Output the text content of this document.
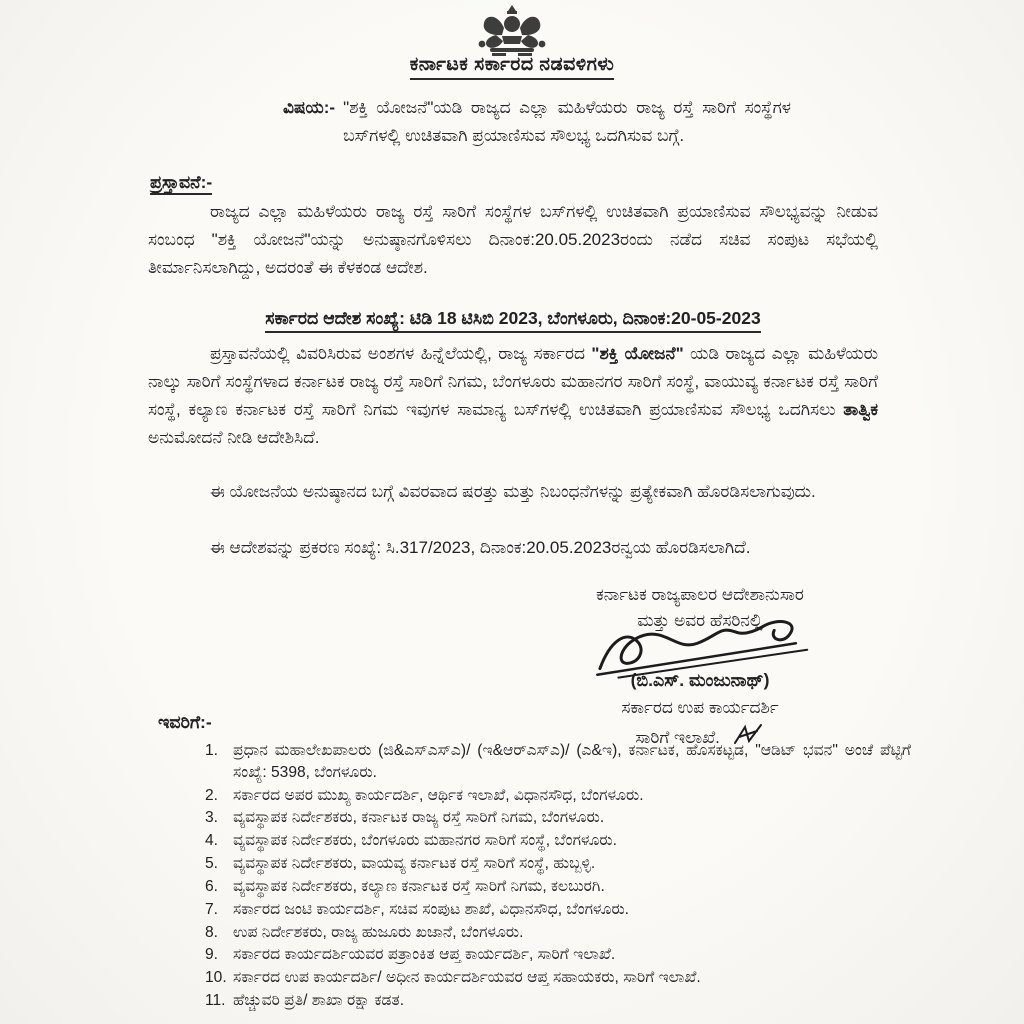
ಕರ್ನಾಟಕ ಸರ್ಕಾರದ ನಡವಳಿಗಳು
ವಿಷಯ:- "ಶಕ್ತಿ ಯೋಜನೆ"ಯಡಿ ರಾಜ್ಯದ ಎಲ್ಲಾ ಮಹಿಳೆಯರು ರಾಜ್ಯ ರಸ್ತೆ ಸಾರಿಗೆ ಸಂಸ್ಥೆಗಳ ಬಸ್‌ಗಳಲ್ಲಿ ಉಚಿತವಾಗಿ ಪ್ರಯಾಣಿಸುವ ಸೌಲಭ್ಯ ಒದಗಿಸುವ ಬಗ್ಗೆ.
ಪ್ರಸ್ತಾವನೆ:-

ರಾಜ್ಯದ ಎಲ್ಲಾ ಮಹಿಳೆಯರು ರಾಜ್ಯ ರಸ್ತೆ ಸಾರಿಗೆ ಸಂಸ್ಥೆಗಳ ಬಸ್‌ಗಳಲ್ಲಿ ಉಚಿತವಾಗಿ ಪ್ರಯಾಣಿಸುವ ಸೌಲಭ್ಯವನ್ನು ನೀಡುವ ಸಂಬಂಧ "ಶಕ್ತಿ ಯೋಜನೆ"ಯನ್ನು ಅನುಷ್ಠಾನಗೊಳಿಸಲು ದಿನಾಂಕ:20.05.2023ರಂದು ನಡೆದ ಸಚಿವ ಸಂಪುಟ ಸಭೆಯಲ್ಲಿ ತೀರ್ಮಾನಿಸಲಾಗಿದ್ದು, ಅದರಂತೆ ಈ ಕೆಳಕಂಡ ಆದೇಶ.

ಸರ್ಕಾರದ ಆದೇಶ ಸಂಖ್ಯೆ: ಟಿಡಿ 18 ಟಿಸಿಬಿ 2023, ಬೆಂಗಳೂರು, ದಿನಾಂಕ:20-05-2023

ಪ್ರಸ್ತಾವನೆಯಲ್ಲಿ ವಿವರಿಸಿರುವ ಅಂಶಗಳ ಹಿನ್ನೆಲೆಯಲ್ಲಿ, ರಾಜ್ಯ ಸರ್ಕಾರದ "ಶಕ್ತಿ ಯೋಜನೆ" ಯಡಿ ರಾಜ್ಯದ ಎಲ್ಲಾ ಮಹಿಳೆಯರು ನಾಲ್ಕು ಸಾರಿಗೆ ಸಂಸ್ಥೆಗಳಾದ ಕರ್ನಾಟಕ ರಾಜ್ಯ ರಸ್ತೆ ಸಾರಿಗೆ ನಿಗಮ, ಬೆಂಗಳೂರು ಮಹಾನಗರ ಸಾರಿಗೆ ಸಂಸ್ಥೆ, ವಾಯುವ್ಯ ಕರ್ನಾಟಕ ರಸ್ತೆ ಸಾರಿಗೆ ಸಂಸ್ಥೆ, ಕಲ್ಯಾಣ ಕರ್ನಾಟಕ ರಸ್ತೆ ಸಾರಿಗೆ ನಿಗಮ ಇವುಗಳ ಸಾಮಾನ್ಯ ಬಸ್‌ಗಳಲ್ಲಿ ಉಚಿತವಾಗಿ ಪ್ರಯಾಣಿಸುವ ಸೌಲಭ್ಯ ಒದಗಿಸಲು ತಾತ್ವಿಕ ಅನುಮೋದನೆ ನೀಡಿ ಆದೇಶಿಸಿದೆ.

ಈ ಯೋಜನೆಯ ಅನುಷ್ಠಾನದ ಬಗ್ಗೆ ವಿವರವಾದ ಷರತ್ತು ಮತ್ತು ನಿಬಂಧನೆಗಳನ್ನು ಪ್ರತ್ಯೇಕವಾಗಿ ಹೊರಡಿಸಲಾಗುವುದು.

ಈ ಆದೇಶವನ್ನು ಪ್ರಕರಣ ಸಂಖ್ಯೆ: ಸಿ.317/2023, ದಿನಾಂಕ:20.05.2023ರನ್ವಯ ಹೊರಡಿಸಲಾಗಿದೆ.

ಕರ್ನಾಟಕ ರಾಜ್ಯಪಾಲರ ಆದೇಶಾನುಸಾರ
ಮತ್ತು ಅವರ ಹೆಸರಿನಲ್ಲಿ
(ಬಿ.ಎಸ್. ಮಂಜುನಾಥ್)
ಸರ್ಕಾರದ ಉಪ ಕಾರ್ಯದರ್ಶಿ
ಸಾರಿಗೆ ಇಲಾಖೆ.
ಇವರಿಗೆ:-
1. ಪ್ರಧಾನ ಮಹಾಲೇಖಪಾಲರು (ಜಿ&ಎಸ್‌ಎಸ್‌ಎ)/ (ಇ&ಆರ್‌ಎಸ್‌ಎ)/ (ಎ&ಇ), ಕರ್ನಾಟಕ, ಹೊಸಕಟ್ಟಡ, "ಆಡಿಟ್ ಭವನ" ಅಂಚೆ ಪೆಟ್ಟಿಗೆ ಸಂಖ್ಯೆ: 5398, ಬೆಂಗಳೂರು.
2. ಸರ್ಕಾರದ ಅಪರ ಮುಖ್ಯ ಕಾರ್ಯದರ್ಶಿ, ಆರ್ಥಿಕ ಇಲಾಖೆ, ವಿಧಾನಸೌಧ, ಬೆಂಗಳೂರು.
3. ವ್ಯವಸ್ಥಾಪಕ ನಿರ್ದೇಶಕರು, ಕರ್ನಾಟಕ ರಾಜ್ಯ ರಸ್ತೆ ಸಾರಿಗೆ ನಿಗಮ, ಬೆಂಗಳೂರು.
4. ವ್ಯವಸ್ಥಾಪಕ ನಿರ್ದೇಶಕರು, ಬೆಂಗಳೂರು ಮಹಾನಗರ ಸಾರಿಗೆ ಸಂಸ್ಥೆ, ಬೆಂಗಳೂರು.
5. ವ್ಯವಸ್ಥಾಪಕ ನಿರ್ದೇಶಕರು, ವಾಯವ್ಯ ಕರ್ನಾಟಕ ರಸ್ತೆ ಸಾರಿಗೆ ಸಂಸ್ಥೆ, ಹುಬ್ಬಳ್ಳಿ.
6. ವ್ಯವಸ್ಥಾಪಕ ನಿರ್ದೇಶಕರು, ಕಲ್ಯಾಣ ಕರ್ನಾಟಕ ರಸ್ತೆ ಸಾರಿಗೆ ನಿಗಮ, ಕಲಬುರಗಿ.
7. ಸರ್ಕಾರದ ಜಂಟಿ ಕಾರ್ಯದರ್ಶಿ, ಸಚಿವ ಸಂಪುಟ ಶಾಖೆ, ವಿಧಾನಸೌಧ, ಬೆಂಗಳೂರು.
8. ಉಪ ನಿರ್ದೇಶಕರು, ರಾಜ್ಯ ಹುಜೂರು ಖಜಾನೆ, ಬೆಂಗಳೂರು.
9. ಸರ್ಕಾರದ ಕಾರ್ಯದರ್ಶಿಯವರ ಪತ್ರಾಂಕಿತ ಆಪ್ತ ಕಾರ್ಯದರ್ಶಿ, ಸಾರಿಗೆ ಇಲಾಖೆ.
10. ಸರ್ಕಾರದ ಉಪ ಕಾರ್ಯದರ್ಶಿ/ ಅಧೀನ ಕಾರ್ಯದರ್ಶಿಯವರ ಆಪ್ತ ಸಹಾಯಕರು, ಸಾರಿಗೆ ಇಲಾಖೆ.
11. ಹೆಚ್ಚುವರಿ ಪ್ರತಿ/ ಶಾಖಾ ರಕ್ಷಾ ಕಡತ.
